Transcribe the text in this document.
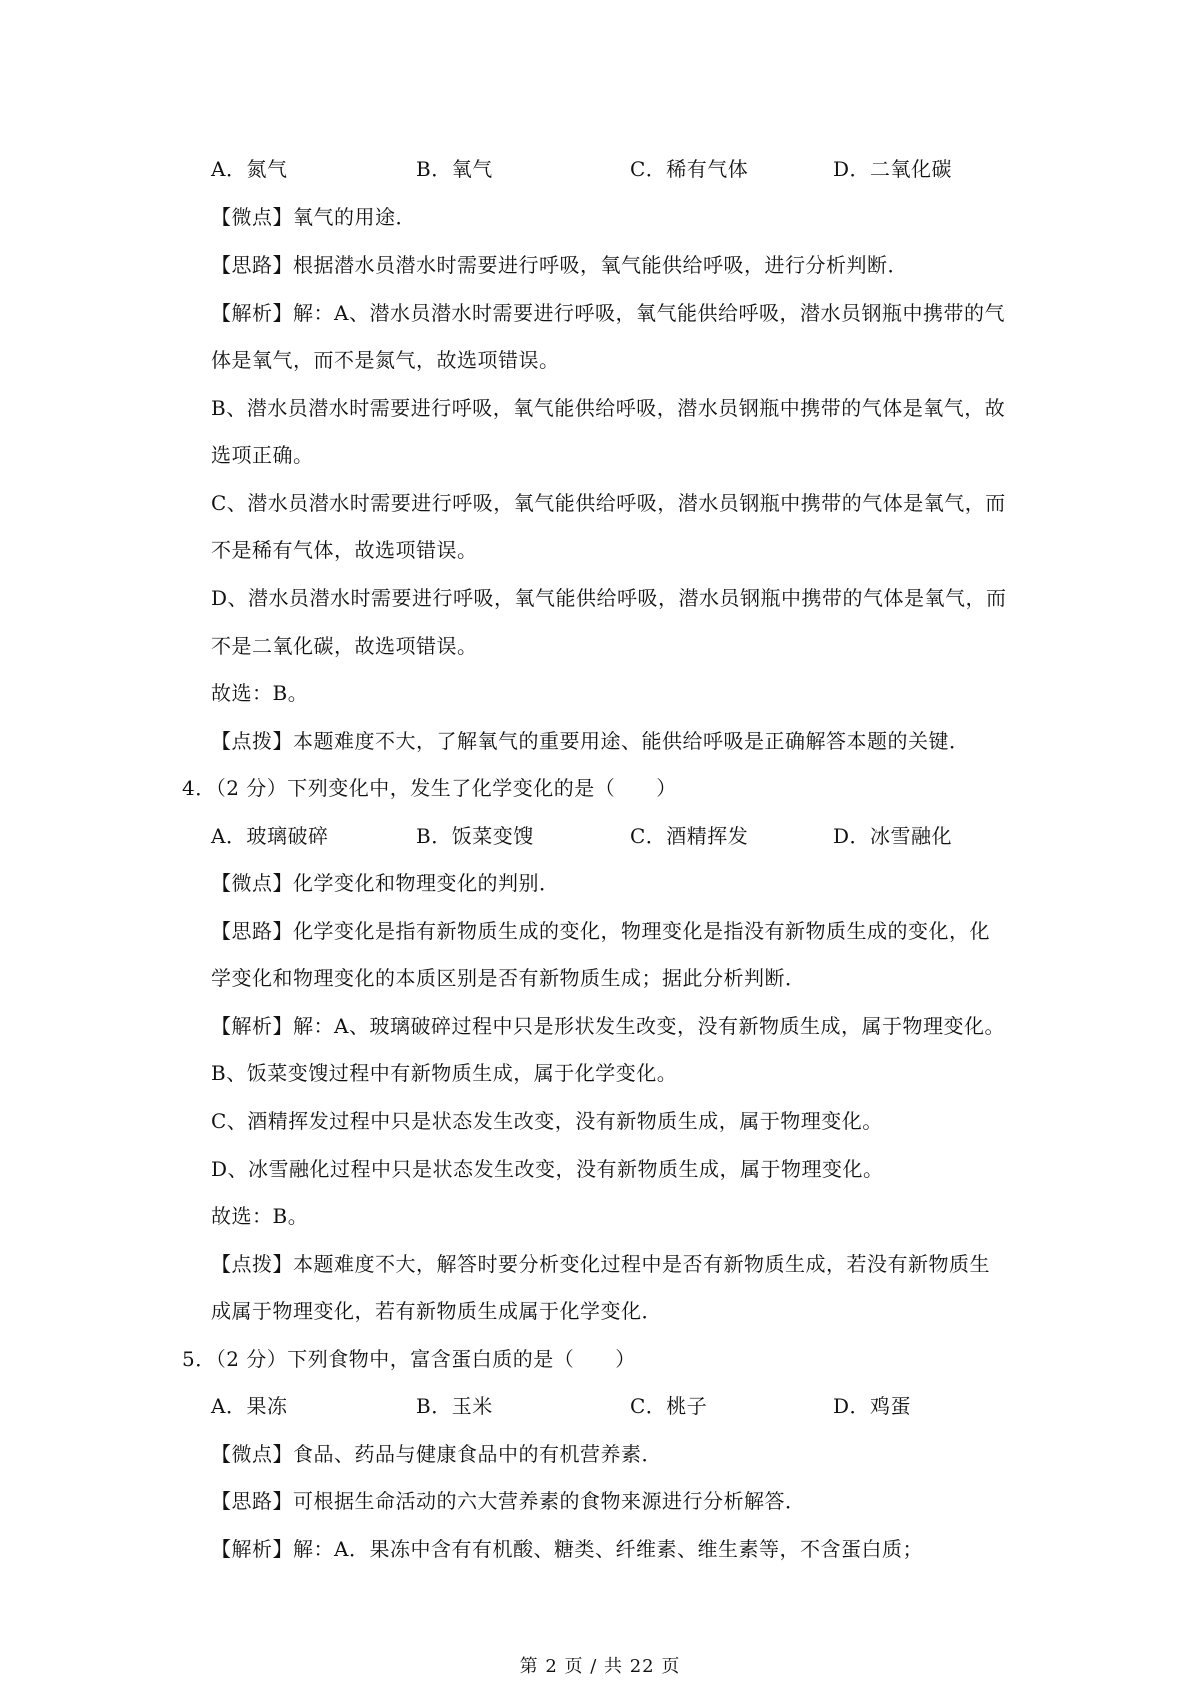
A．氮气	B．氧气	C．稀有气体	D．二氧化碳
【微点】氧气的用途．
【思路】根据潜水员潜水时需要进行呼吸，氧气能供给呼吸，进行分析判断．
【解析】解：A、潜水员潜水时需要进行呼吸，氧气能供给呼吸，潜水员钢瓶中携带的气
体是氧气，而不是氮气，故选项错误。
B、潜水员潜水时需要进行呼吸，氧气能供给呼吸，潜水员钢瓶中携带的气体是氧气，故
选项正确。
C、潜水员潜水时需要进行呼吸，氧气能供给呼吸，潜水员钢瓶中携带的气体是氧气，而
不是稀有气体，故选项错误。
D、潜水员潜水时需要进行呼吸，氧气能供给呼吸，潜水员钢瓶中携带的气体是氧气，而
不是二氧化碳，故选项错误。
故选：B。
【点拨】本题难度不大，了解氧气的重要用途、能供给呼吸是正确解答本题的关键．
4．（2 分）下列变化中，发生了化学变化的是（　　）
A．玻璃破碎	B．饭菜变馊	C．酒精挥发	D．冰雪融化
【微点】化学变化和物理变化的判别．
【思路】化学变化是指有新物质生成的变化，物理变化是指没有新物质生成的变化，化
学变化和物理变化的本质区别是否有新物质生成；据此分析判断．
【解析】解：A、玻璃破碎过程中只是形状发生改变，没有新物质生成，属于物理变化。
B、饭菜变馊过程中有新物质生成，属于化学变化。
C、酒精挥发过程中只是状态发生改变，没有新物质生成，属于物理变化。
D、冰雪融化过程中只是状态发生改变，没有新物质生成，属于物理变化。
故选：B。
【点拨】本题难度不大，解答时要分析变化过程中是否有新物质生成，若没有新物质生
成属于物理变化，若有新物质生成属于化学变化．
5．（2 分）下列食物中，富含蛋白质的是（　　）
A．果冻	B．玉米	C．桃子	D．鸡蛋
【微点】食品、药品与健康食品中的有机营养素．
【思路】可根据生命活动的六大营养素的食物来源进行分析解答．
【解析】解：A．果冻中含有有机酸、糖类、纤维素、维生素等，不含蛋白质；
第 2 页 / 共 22 页
